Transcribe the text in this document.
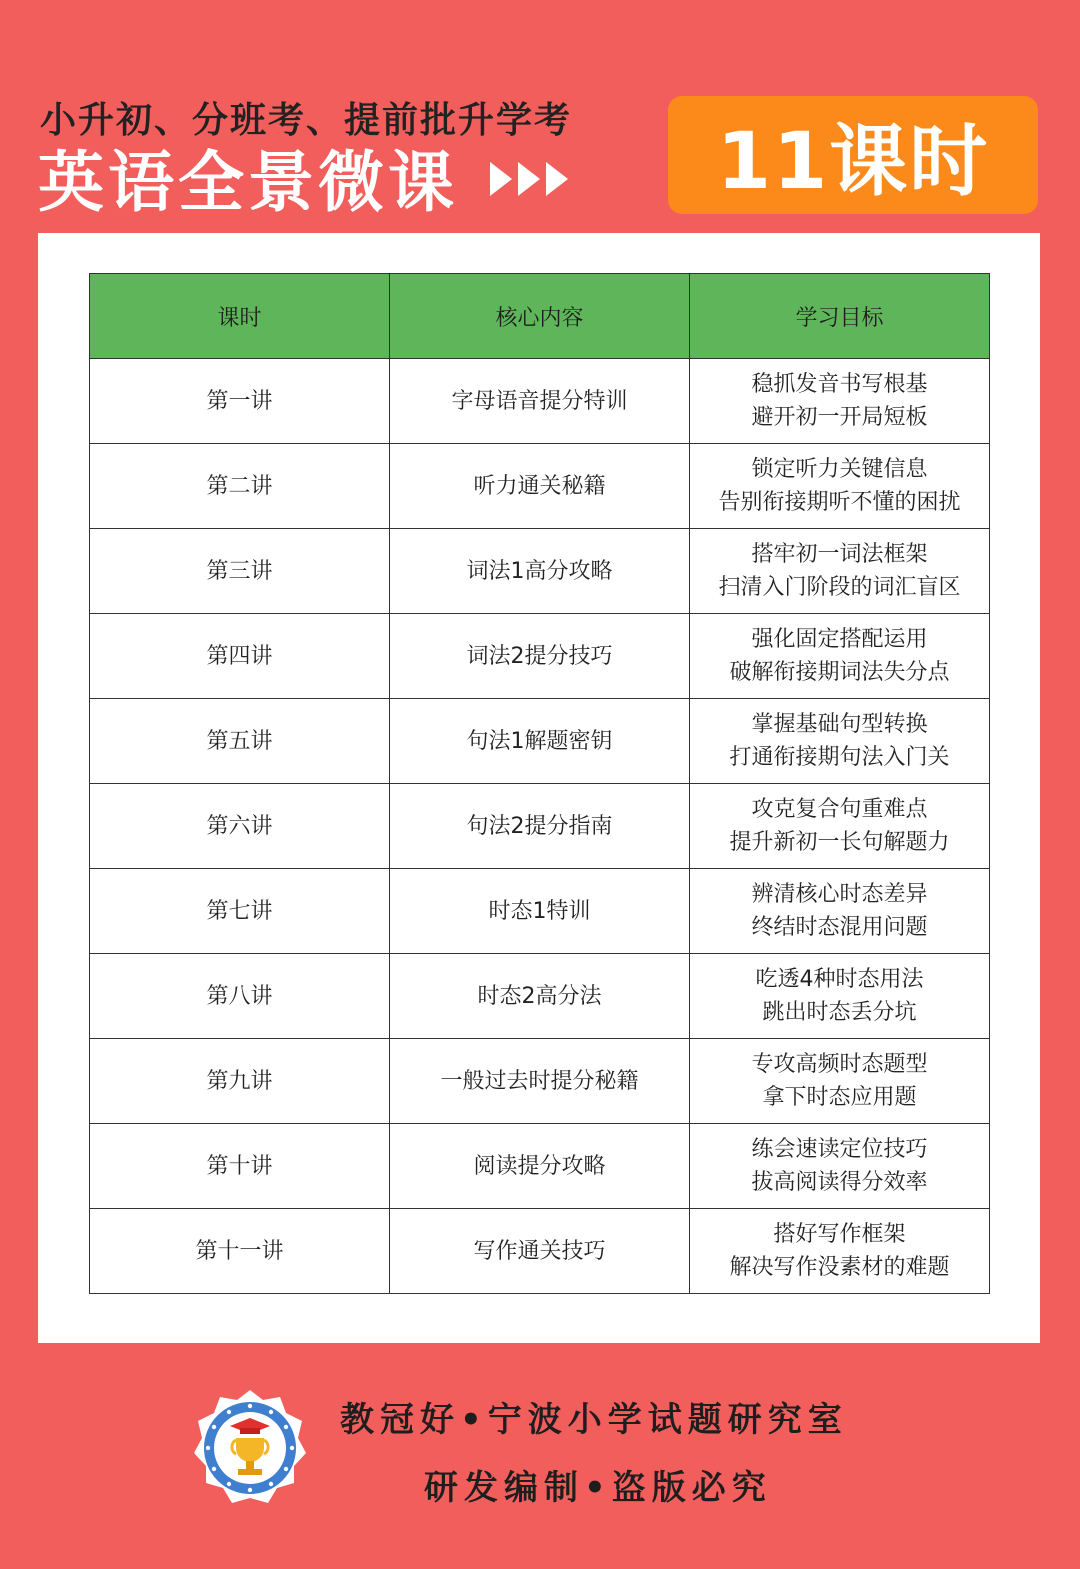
小升初、分班考、提前批升学考
英语全景微课	11课时
课时	核心内容	学习目标
第一讲	字母语音提分特训	稳抓发音书写根基
避开初一开局短板

第二讲	听力通关秘籍	锁定听力关键信息
告别衔接期听不懂的困扰

第三讲	词法1高分攻略	搭牢初一词法框架
扫清入门阶段的词汇盲区

第四讲	词法2提分技巧	强化固定搭配运用
破解衔接期词法失分点

第五讲	句法1解题密钥	掌握基础句型转换
打通衔接期句法入门关

第六讲	句法2提分指南	攻克复合句重难点
提升新初一长句解题力

第七讲	时态1特训	辨清核心时态差异
终结时态混用问题

第八讲	时态2高分法	吃透4种时态用法
跳出时态丢分坑

第九讲	一般过去时提分秘籍	专攻高频时态题型
拿下时态应用题

第十讲	阅读提分攻略	练会速读定位技巧
拔高阅读得分效率

第十一讲	写作通关技巧	搭好写作框架
解决写作没素材的难题
教冠好•宁波小学试题研究室
研发编制•盗版必究
